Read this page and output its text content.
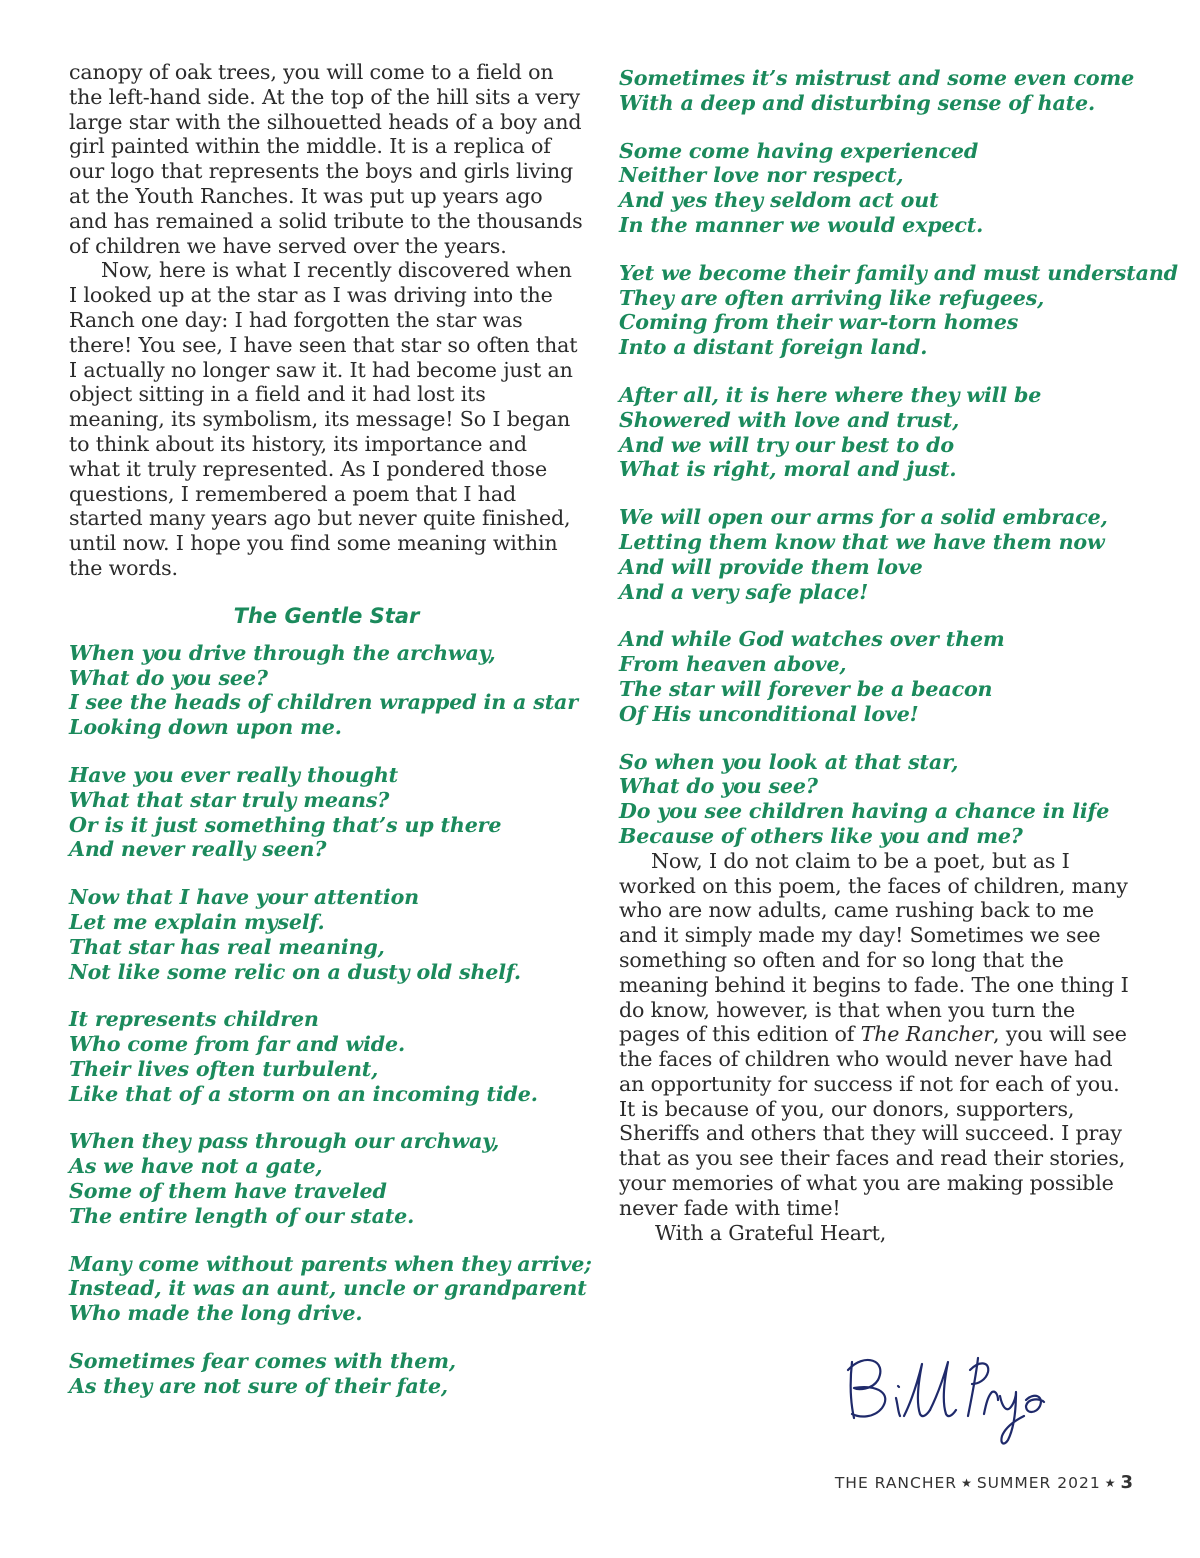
canopy of oak trees, you will come to a field on the left-hand side. At the top of the hill sits a very large star with the silhouetted heads of a boy and girl painted within the middle. It is a replica of our logo that represents the boys and girls living at the Youth Ranches. It was put up years ago and has remained a solid tribute to the thousands of children we have served over the years.

Now, here is what I recently discovered when I looked up at the star as I was driving into the Ranch one day: I had forgotten the star was there! You see, I have seen that star so often that I actually no longer saw it. It had become just an object sitting in a field and it had lost its meaning, its symbolism, its message! So I began to think about its history, its importance and what it truly represented. As I pondered those questions, I remembered a poem that I had started many years ago but never quite finished, until now. I hope you find some meaning within the words.

The Gentle Star

When you drive through the archway,
What do you see?
I see the heads of children wrapped in a star
Looking down upon me.

Have you ever really thought
What that star truly means?
Or is it just something that’s up there
And never really seen?

Now that I have your attention
Let me explain myself.
That star has real meaning,
Not like some relic on a dusty old shelf.

It represents children
Who come from far and wide.
Their lives often turbulent,
Like that of a storm on an incoming tide.

When they pass through our archway,
As we have not a gate,
Some of them have traveled
The entire length of our state.

Many come without parents when they arrive;
Instead, it was an aunt, uncle or grandparent
Who made the long drive.

Sometimes fear comes with them,
As they are not sure of their fate,

Sometimes it’s mistrust and some even come
With a deep and disturbing sense of hate.

Some come having experienced
Neither love nor respect,
And yes they seldom act out
In the manner we would expect.

Yet we become their family and must understand
They are often arriving like refugees,
Coming from their war-torn homes
Into a distant foreign land.

After all, it is here where they will be
Showered with love and trust,
And we will try our best to do
What is right, moral and just.

We will open our arms for a solid embrace,
Letting them know that we have them now
And will provide them love
And a very safe place!

And while God watches over them
From heaven above,
The star will forever be a beacon
Of His unconditional love!

So when you look at that star,
What do you see?
Do you see children having a chance in life
Because of others like you and me?

Now, I do not claim to be a poet, but as I worked on this poem, the faces of children, many who are now adults, came rushing back to me and it simply made my day! Sometimes we see something so often and for so long that the meaning behind it begins to fade. The one thing I do know, however, is that when you turn the pages of this edition of The Rancher, you will see the faces of children who would never have had an opportunity for success if not for each of you. It is because of you, our donors, supporters, Sheriffs and others that they will succeed. I pray that as you see their faces and read their stories, your memories of what you are making possible never fade with time!

With a Grateful Heart,

THE RANCHER ★ SUMMER 2021 ★ 3
